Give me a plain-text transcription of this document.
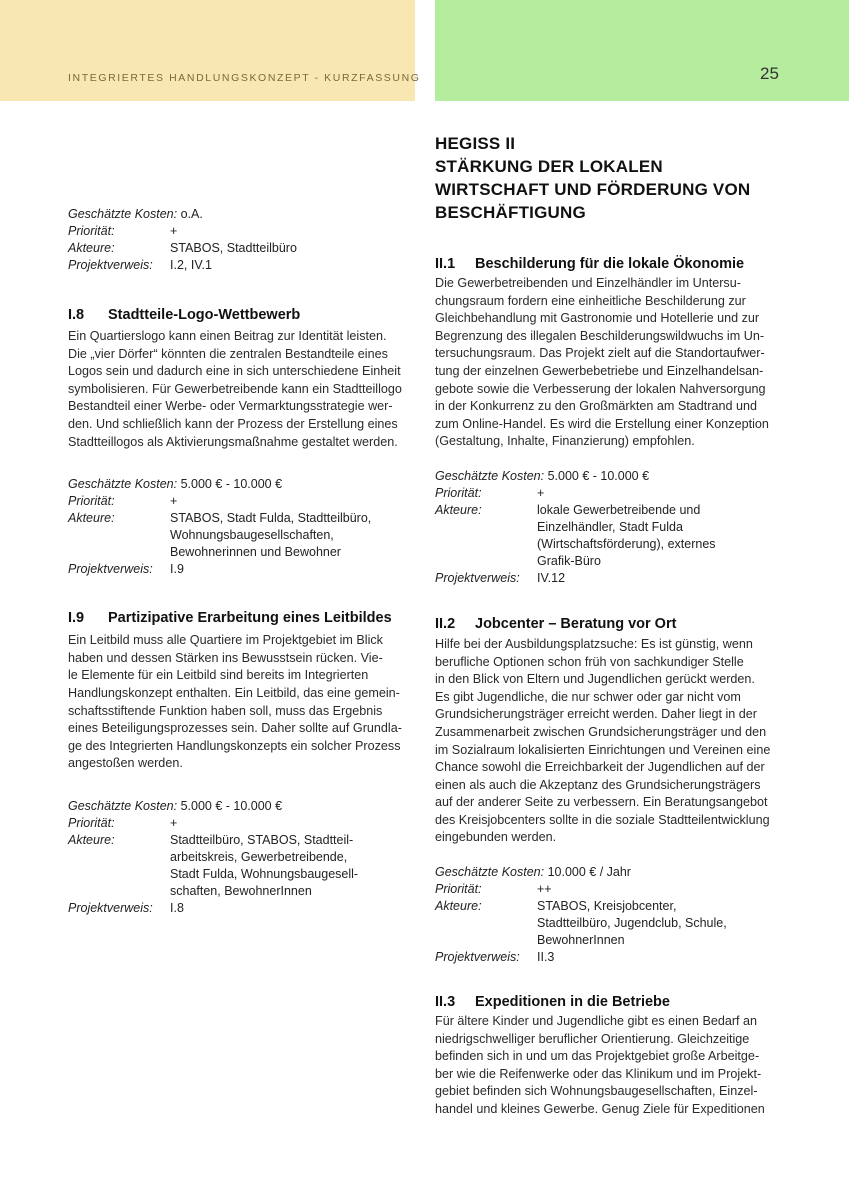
INTEGRIERTES HANDLUNGSKONZEPT - KURZFASSUNG	25
Geschätzte Kosten: o.A.
Priorität:	+
Akteure:	STABOS, Stadtteilbüro
Projektverweis:	I.2, IV.1
I.8	Stadtteile-Logo-Wettbewerb
Ein Quartierslogo kann einen Beitrag zur Identität leisten.
Die „vier Dörfer“ könnten die zentralen Bestandteile eines
Logos sein und dadurch eine in sich unterschiedene Einheit
symbolisieren. Für Gewerbetreibende kann ein Stadtteillogo
Bestandteil einer Werbe- oder Vermarktungsstrategie wer-
den. Und schließlich kann der Prozess der Erstellung eines
Stadtteillogos als Aktivierungsmaßnahme gestaltet werden.
Geschätzte Kosten: 5.000 € - 10.000 €
Priorität:	+
Akteure:	STABOS, Stadt Fulda, Stadtteilbüro,
Wohnungsbaugesellschaften,
Bewohnerinnen und Bewohner
Projektverweis:	I.9
I.9	Partizipative Erarbeitung eines Leitbildes
Ein Leitbild muss alle Quartiere im Projektgebiet im Blick
haben und dessen Stärken ins Bewusstsein rücken. Vie-
le Elemente für ein Leitbild sind bereits im Integrierten
Handlungskonzept enthalten. Ein Leitbild, das eine gemein-
schaftsstiftende Funktion haben soll, muss das Ergebnis
eines Beteiligungsprozesses sein. Daher sollte auf Grundla-
ge des Integrierten Handlungskonzepts ein solcher Prozess
angestoßen werden.
Geschätzte Kosten: 5.000 € - 10.000 €
Priorität:	+
Akteure:	Stadtteilbüro, STABOS, Stadtteil-
arbeitskreis, Gewerbetreibende,
Stadt Fulda, Wohnungsbaugesell-
schaften, BewohnerInnen
Projektverweis:	I.8
HEGISS II
STÄRKUNG DER LOKALEN
WIRTSCHAFT UND FÖRDERUNG VON
BESCHÄFTIGUNG
II.1	Beschilderung für die lokale Ökonomie
Die Gewerbetreibenden und Einzelhändler im Untersu-
chungsraum fordern eine einheitliche Beschilderung zur
Gleichbehandlung mit Gastronomie und Hotellerie und zur
Begrenzung des illegalen Beschilderungswildwuchs im Un-
tersuchungsraum. Das Projekt zielt auf die Standortaufwer-
tung der einzelnen Gewerbebetriebe und Einzelhandelsan-
gebote sowie die Verbesserung der lokalen Nahversorgung
in der Konkurrenz zu den Großmärkten am Stadtrand und
zum Online-Handel. Es wird die Erstellung einer Konzeption
(Gestaltung, Inhalte, Finanzierung) empfohlen.
Geschätzte Kosten: 5.000 € - 10.000 €
Priorität:	+
Akteure:	lokale Gewerbetreibende und
Einzelhändler, Stadt Fulda
(Wirtschaftsförderung), externes
Grafik-Büro
Projektverweis:	IV.12
II.2	Jobcenter – Beratung vor Ort
Hilfe bei der Ausbildungsplatzsuche: Es ist günstig, wenn
berufliche Optionen schon früh von sachkundiger Stelle
in den Blick von Eltern und Jugendlichen gerückt werden.
Es gibt Jugendliche, die nur schwer oder gar nicht vom
Grundsicherungsträger erreicht werden. Daher liegt in der
Zusammenarbeit zwischen Grundsicherungsträger und den
im Sozialraum lokalisierten Einrichtungen und Vereinen eine
Chance sowohl die Erreichbarkeit der Jugendlichen auf der
einen als auch die Akzeptanz des Grundsicherungsträgers
auf der anderer Seite zu verbessern. Ein Beratungsangebot
des Kreisjobcenters sollte in die soziale Stadtteilentwicklung
eingebunden werden.
Geschätzte Kosten: 10.000 € / Jahr
Priorität:	++
Akteure:	STABOS, Kreisjobcenter,
Stadtteilbüro, Jugendclub, Schule,
BewohnerInnen
Projektverweis:	II.3
II.3	Expeditionen in die Betriebe
Für ältere Kinder und Jugendliche gibt es einen Bedarf an
niedrigschwelliger beruflicher Orientierung. Gleichzeitige
befinden sich in und um das Projektgebiet große Arbeitge-
ber wie die Reifenwerke oder das Klinikum und im Projekt-
gebiet befinden sich Wohnungsbaugesellschaften, Einzel-
handel und kleines Gewerbe. Genug Ziele für Expeditionen
